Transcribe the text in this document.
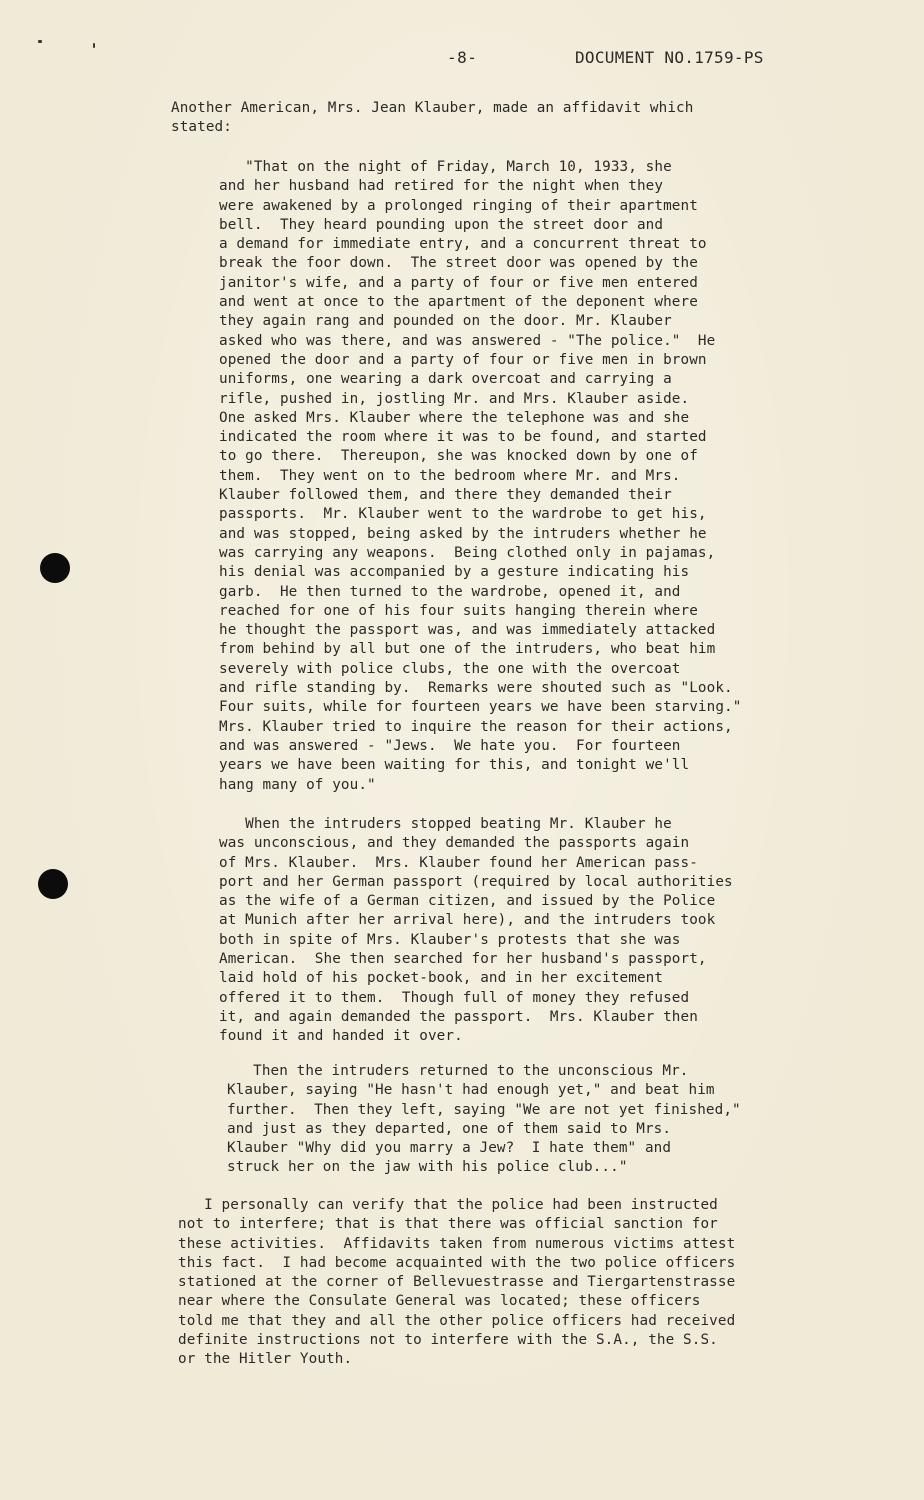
-8-	DOCUMENT NO.1759-PS
Another American, Mrs. Jean Klauber, made an affidavit which
stated:
"That on the night of Friday, March 10, 1933, she
and her husband had retired for the night when they
were awakened by a prolonged ringing of their apartment
bell.  They heard pounding upon the street door and
a demand for immediate entry, and a concurrent threat to
break the foor down.  The street door was opened by the
janitor's wife, and a party of four or five men entered
and went at once to the apartment of the deponent where
they again rang and pounded on the door. Mr. Klauber
asked who was there, and was answered - "The police."  He
opened the door and a party of four or five men in brown
uniforms, one wearing a dark overcoat and carrying a
rifle, pushed in, jostling Mr. and Mrs. Klauber aside.
One asked Mrs. Klauber where the telephone was and she
indicated the room where it was to be found, and started
to go there.  Thereupon, she was knocked down by one of
them.  They went on to the bedroom where Mr. and Mrs.
Klauber followed them, and there they demanded their
passports.  Mr. Klauber went to the wardrobe to get his,
and was stopped, being asked by the intruders whether he
was carrying any weapons.  Being clothed only in pajamas,
his denial was accompanied by a gesture indicating his
garb.  He then turned to the wardrobe, opened it, and
reached for one of his four suits hanging therein where
he thought the passport was, and was immediately attacked
from behind by all but one of the intruders, who beat him
severely with police clubs, the one with the overcoat
and rifle standing by.  Remarks were shouted such as "Look.
Four suits, while for fourteen years we have been starving."
Mrs. Klauber tried to inquire the reason for their actions,
and was answered - "Jews.  We hate you.  For fourteen
years we have been waiting for this, and tonight we'll
hang many of you."
When the intruders stopped beating Mr. Klauber he
was unconscious, and they demanded the passports again
of Mrs. Klauber.  Mrs. Klauber found her American pass-
port and her German passport (required by local authorities
as the wife of a German citizen, and issued by the Police
at Munich after her arrival here), and the intruders took
both in spite of Mrs. Klauber's protests that she was
American.  She then searched for her husband's passport,
laid hold of his pocket-book, and in her excitement
offered it to them.  Though full of money they refused
it, and again demanded the passport.  Mrs. Klauber then
found it and handed it over.
Then the intruders returned to the unconscious Mr.
Klauber, saying "He hasn't had enough yet," and beat him
further.  Then they left, saying "We are not yet finished,"
and just as they departed, one of them said to Mrs.
Klauber "Why did you marry a Jew?  I hate them" and
struck her on the jaw with his police club..."
I personally can verify that the police had been instructed
not to interfere; that is that there was official sanction for
these activities.  Affidavits taken from numerous victims attest
this fact.  I had become acquainted with the two police officers
stationed at the corner of Bellevuestrasse and Tiergartenstrasse
near where the Consulate General was located; these officers
told me that they and all the other police officers had received
definite instructions not to interfere with the S.A., the S.S.
or the Hitler Youth.
